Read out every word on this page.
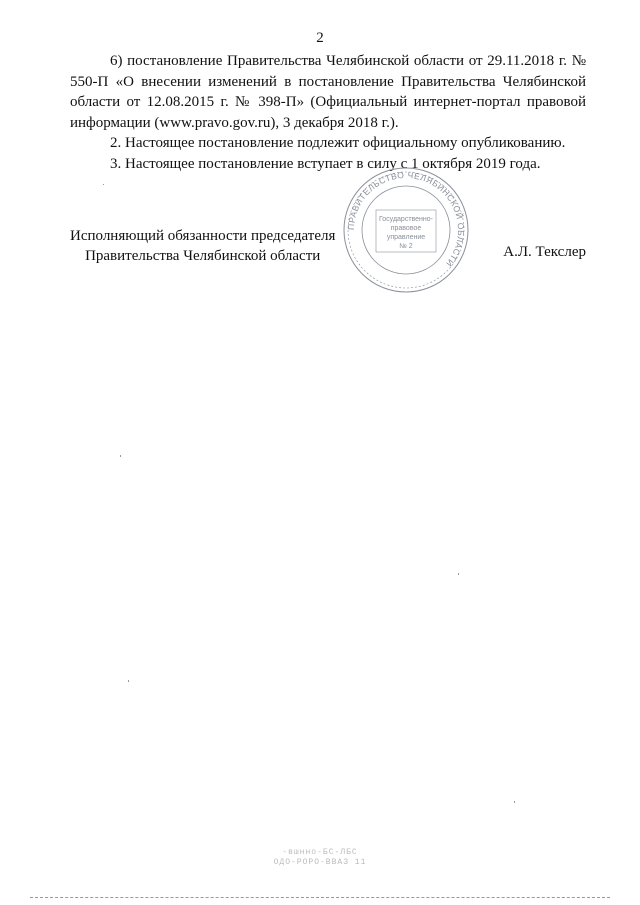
2

6) постановление Правительства Челябинской области от 29.11.2018 г. № 550-П «О внесении изменений в постановление Правительства Челябинской области от 12.08.2015 г. № 398-П» (Официальный интернет-портал правовой информации (www.pravo.gov.ru), 3 декабря 2018 г.).

2. Настоящее постановление подлежит официальному опубликованию.

3. Настоящее постановление вступает в силу с 1 октября 2019 года.

Исполняющий обязанности председателя
Правительства Челябинской области	А.Л. Текслер
ПРАВИТЕЛЬСТВО ЧЕЛЯБИНСКОЙ ОБЛАСТИ
Государственно-
правовое
управление
№ 2
-вшнно-БС-ЛБС
ОДО-РОРО-ВВАЗ 11
